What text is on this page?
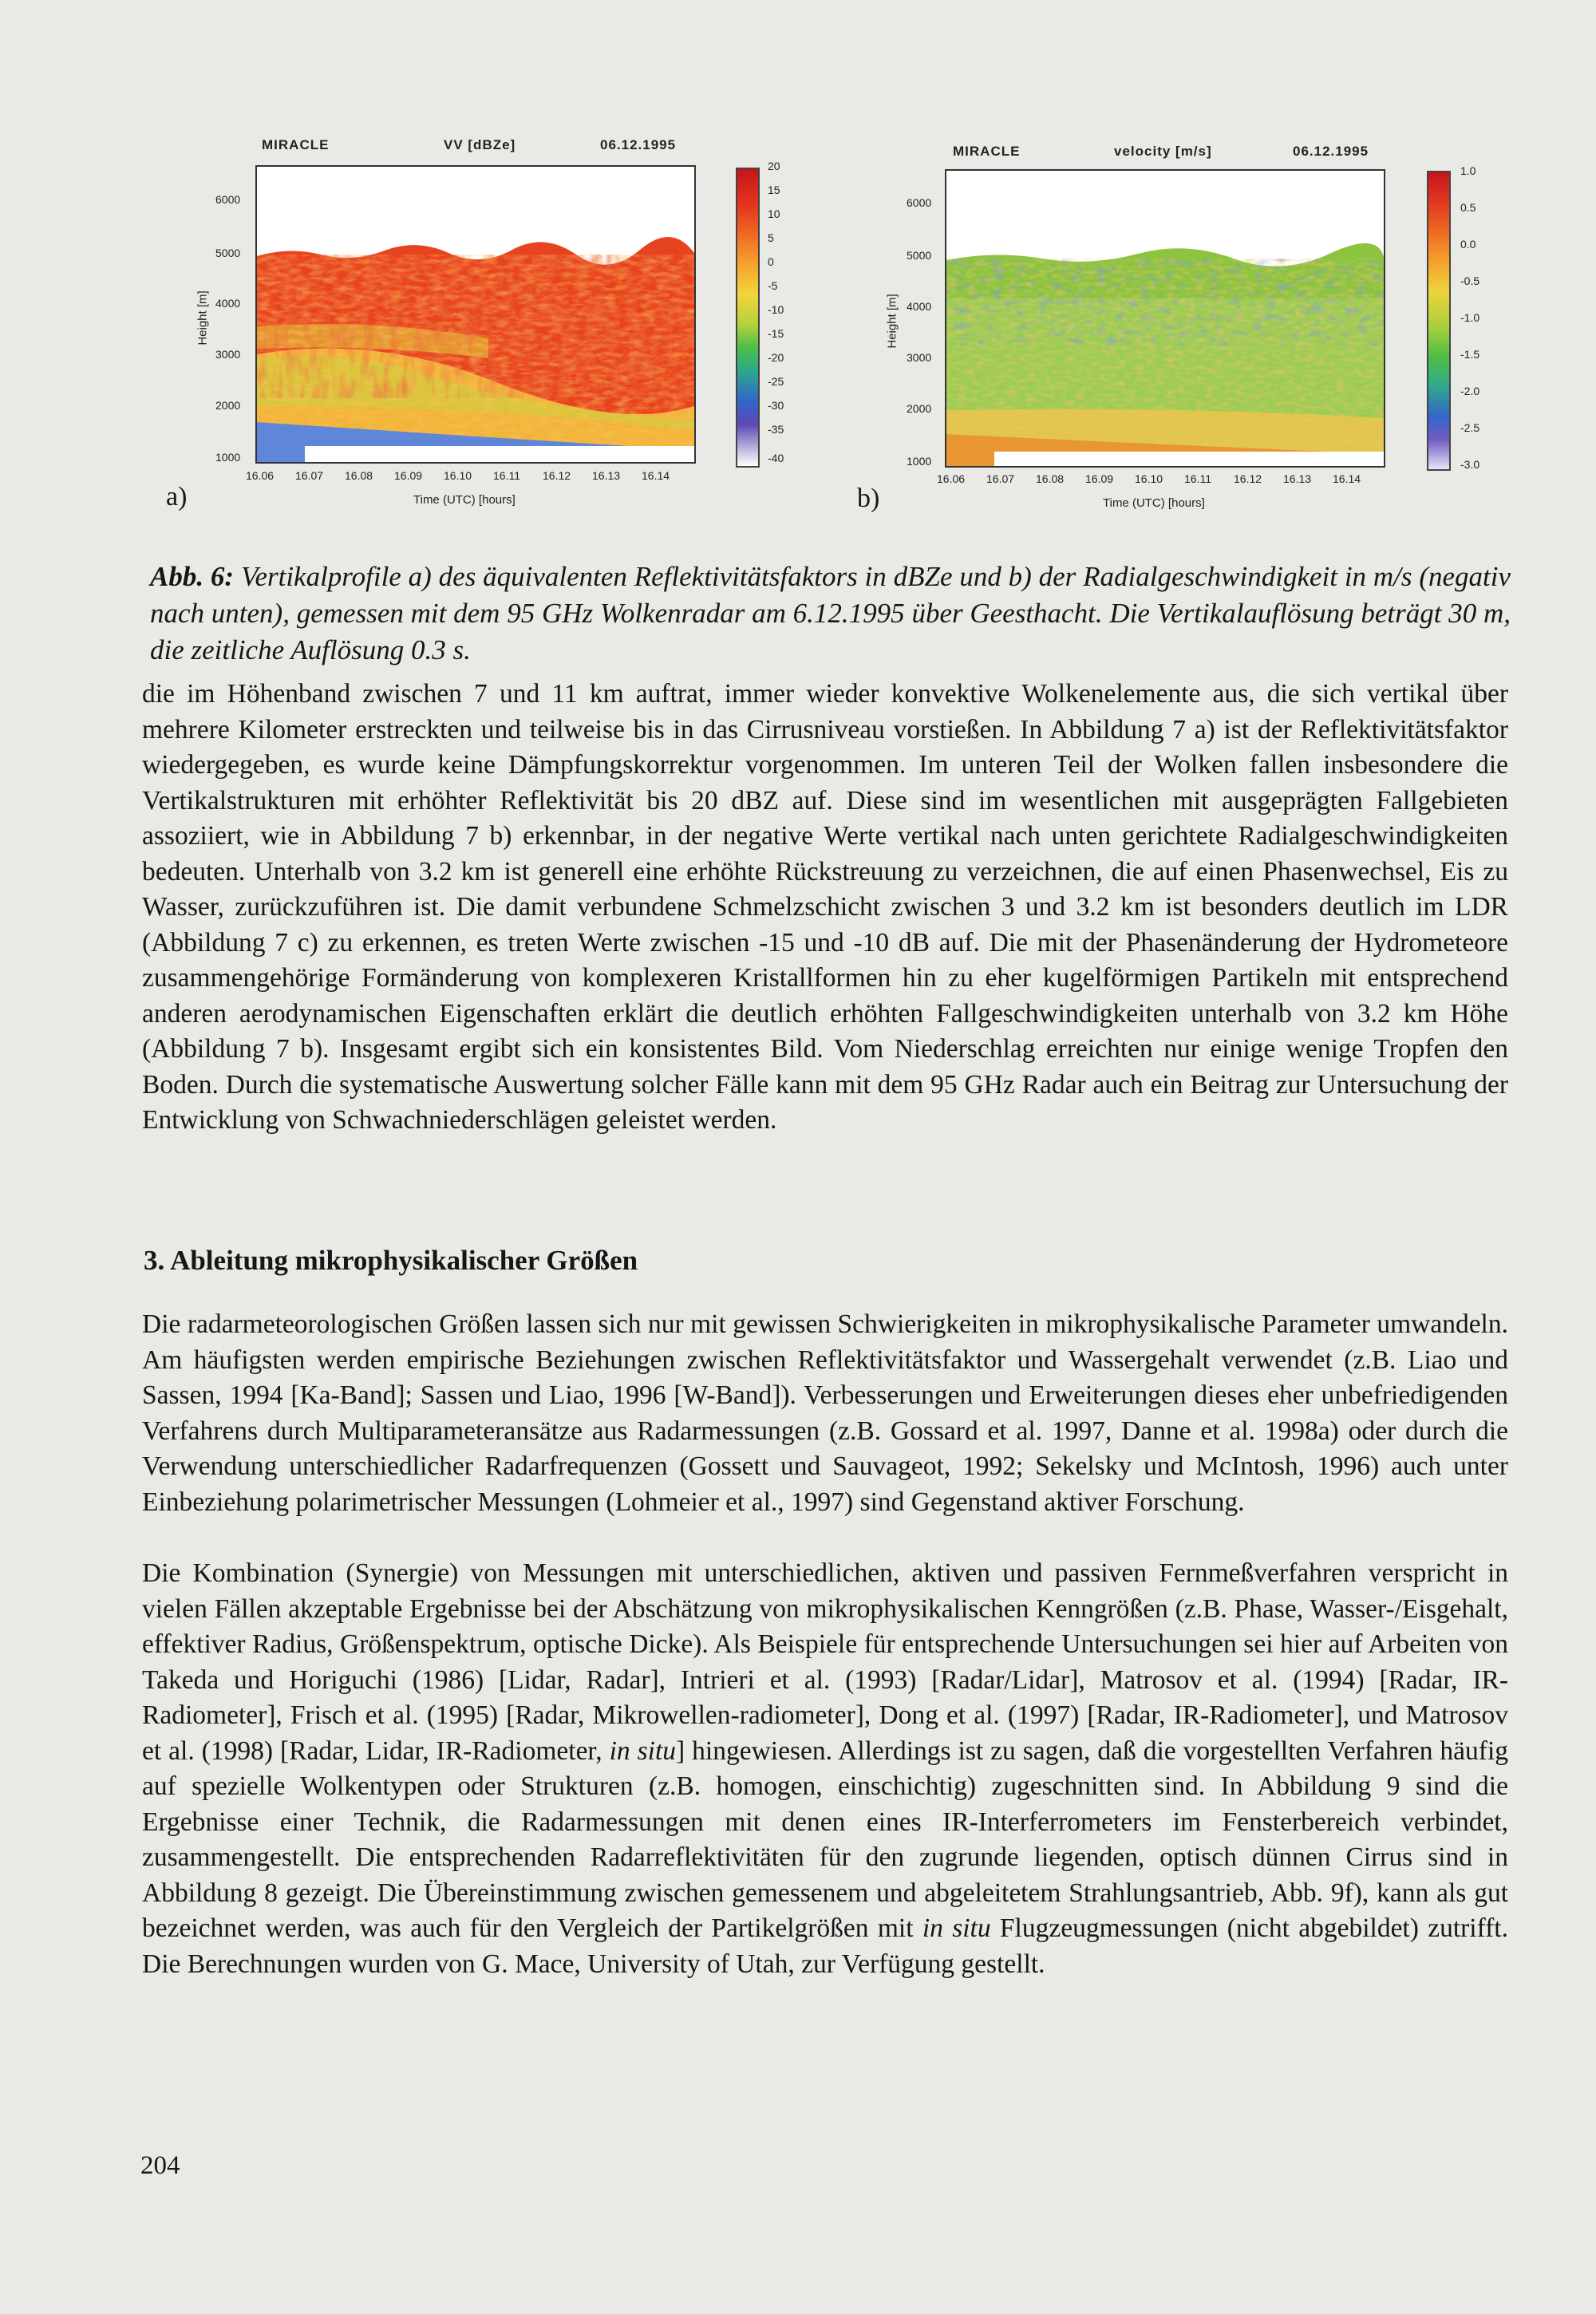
MIRACLE	VV [dBZe]	06.12.1995
6000
5000
4000
3000
2000
1000
Height [m]
16.06 16.07 16.08 16.09 16.10 16.11 16.12 16.13 16.14
Time (UTC) [hours]
20
15
10
5
0
-5
-10
-15
-20
-25
-30
-35
-40
a)
MIRACLE	velocity [m/s]	06.12.1995
6000
5000
4000
3000
2000
1000
Height [m]
16.06 16.07 16.08 16.09 16.10 16.11 16.12 16.13 16.14
Time (UTC) [hours]
1.0
0.5
0.0
-0.5
-1.0
-1.5
-2.0
-2.5
-3.0
b)
Abb. 6: Vertikalprofile a) des äquivalenten Reflektivitätsfaktors in dBZe und b) der Radialgeschwindigkeit in m/s (negativ nach unten), gemessen mit dem 95 GHz Wolkenradar am 6.12.1995 über Geesthacht. Die Vertikalauflösung beträgt 30 m, die zeitliche Auflösung 0.3 s.

die im Höhenband zwischen 7 und 11 km auftrat, immer wieder konvektive Wolkenelemente aus, die sich vertikal über mehrere Kilometer erstreckten und teilweise bis in das Cirrusniveau vorstießen. In Abbildung 7 a) ist der Reflektivitätsfaktor wiedergegeben, es wurde keine Dämpfungskorrektur vorgenommen. Im unteren Teil der Wolken fallen insbesondere die Vertikalstrukturen mit erhöhter Reflektivität bis 20 dBZ auf. Diese sind im wesentlichen mit ausgeprägten Fallgebieten assoziiert, wie in Abbildung 7 b) erkennbar, in der negative Werte vertikal nach unten gerichtete Radialgeschwindigkeiten bedeuten. Unterhalb von 3.2 km ist generell eine erhöhte Rückstreuung zu verzeichnen, die auf einen Phasenwechsel, Eis zu Wasser, zurückzuführen ist. Die damit verbundene Schmelzschicht zwischen 3 und 3.2 km ist besonders deutlich im LDR (Abbildung 7 c) zu erkennen, es treten Werte zwischen -15 und -10 dB auf. Die mit der Phasenänderung der Hydrometeore zusammengehörige Formänderung von komplexeren Kristallformen hin zu eher kugelförmigen Partikeln mit entsprechend anderen aerodynamischen Eigenschaften erklärt die deutlich erhöhten Fallgeschwindigkeiten unterhalb von 3.2 km Höhe (Abbildung 7 b). Insgesamt ergibt sich ein konsistentes Bild. Vom Niederschlag erreichten nur einige wenige Tropfen den Boden. Durch die systematische Auswertung solcher Fälle kann mit dem 95 GHz Radar auch ein Beitrag zur Untersuchung der Entwicklung von Schwachniederschlägen geleistet werden.

3. Ableitung mikrophysikalischer Größen

Die radarmeteorologischen Größen lassen sich nur mit gewissen Schwierigkeiten in mikrophysikalische Parameter umwandeln. Am häufigsten werden empirische Beziehungen zwischen Reflektivitätsfaktor und Wassergehalt verwendet (z.B. Liao und Sassen, 1994 [Ka-Band]; Sassen und Liao, 1996 [W-Band]). Verbesserungen und Erweiterungen dieses eher unbefriedigenden Verfahrens durch Multiparameteransätze aus Radarmessungen (z.B. Gossard et al. 1997, Danne et al. 1998a) oder durch die Verwendung unterschiedlicher Radarfrequenzen (Gossett und Sauvageot, 1992; Sekelsky und McIntosh, 1996) auch unter Einbeziehung polarimetrischer Messungen (Lohmeier et al., 1997) sind Gegenstand aktiver Forschung.

Die Kombination (Synergie) von Messungen mit unterschiedlichen, aktiven und passiven Fernmeßverfahren verspricht in vielen Fällen akzeptable Ergebnisse bei der Abschätzung von mikrophysikalischen Kenngrößen (z.B. Phase, Wasser-/Eisgehalt, effektiver Radius, Größenspektrum, optische Dicke). Als Beispiele für entsprechende Untersuchungen sei hier auf Arbeiten von Takeda und Horiguchi (1986) [Lidar, Radar], Intrieri et al. (1993) [Radar/Lidar], Matrosov et al. (1994) [Radar, IR-Radiometer], Frisch et al. (1995) [Radar, Mikrowellen-radiometer], Dong et al. (1997) [Radar, IR-Radiometer], und Matrosov et al. (1998) [Radar, Lidar, IR-Radiometer, in situ] hingewiesen. Allerdings ist zu sagen, daß die vorgestellten Verfahren häufig auf spezielle Wolkentypen oder Strukturen (z.B. homogen, einschichtig) zugeschnitten sind. In Abbildung 9 sind die Ergebnisse einer Technik, die Radarmessungen mit denen eines IR-Interferrometers im Fensterbereich verbindet, zusammengestellt. Die entsprechenden Radarreflektivitäten für den zugrunde liegenden, optisch dünnen Cirrus sind in Abbildung 8 gezeigt. Die Übereinstimmung zwischen gemessenem und abgeleitetem Strahlungsantrieb, Abb. 9f), kann als gut bezeichnet werden, was auch für den Vergleich der Partikelgrößen mit in situ Flugzeugmessungen (nicht abgebildet) zutrifft. Die Berechnungen wurden von G. Mace, University of Utah, zur Verfügung gestellt.

204
